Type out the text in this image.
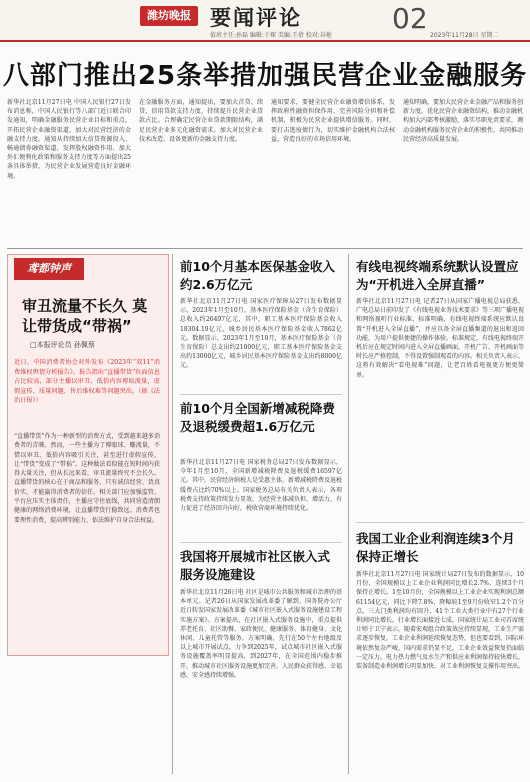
潍坊晚报 要闻评论	02
值班主任:孙磊 编辑:于琛 美编:王蓓 校对:谷艳	2023年11月28日 星期二
八部门推出25条举措加强民营企业金融服务
新华社北京11月27日电 中国人民银行27日发布消息称，中国人民银行等八部门近日联合印发通知，明确金融服务民营企业目标和重点，开拓民营企业融资渠道，加大对民营经济的金融支持力度。通知从持续加大信贷资源投入、畅通债券融资渠道、发挥股权融资作用、加大外汇便利化政策和服务支持力度等方面提出25条具体举措，为民营企业发展营造良好金融环境。
在金融服务方面，通知提出，要加大首贷、续贷、信用贷款支持力度，持续提升民营企业贷款占比。合理确定民营企业贷款期限结构，满足民营企业多元化融资需求。加大对民营企业技术改造、设备更新的金融支持力度。
通知要求，要健全民营企业融资增信体系，发挥政府性融资担保作用，完善风险分担和补偿机制，积极为民营企业提供增信服务。同时，要打击逃废债行为，切实维护金融机构合法权益，营造良好的市场信用环境。
通知明确，要加大民营企业金融产品和服务创新力度，优化民营企业融资结构，推动金融机构加大内部考核激励，落实尽职免责要求，调动金融机构服务民营企业的积极性，共同推动民营经济高质量发展。
鸢都钟声
审丑流量不长久 莫让带货成“带祸”
□本报评论员 孙佩蔡
近日，中国消费者协会对外发布《2023年“双11”消费维权舆情分析报告》，报告指出“直播带货”负面信息占比较高，部分主播以审丑、低俗内容博取流量，虚假宣传、质量问题、售后维权难等问题突出。（据《法治日报》）
“直播带货”作为一种新型的消费方式，受到越来越多消费者的青睐。然而，一些主播为了博眼球、赚流量，不惜以审丑、低俗内容吸引关注，甚至进行虚假宣传，让“带货”变成了“带祸”。这种做法看似能在短时间内获得大量关注，但从长远来看，审丑流量终究不会长久。直播带货的核心在于商品和服务，只有诚信经营、货真价实，才能赢得消费者的信任。相关部门应加强监管，平台应压实主体责任，主播应守住底线，共同营造清朗健康的网络消费环境，让直播带货行稳致远。消费者也要理性消费，提高辨别能力，依法维护自身合法权益。
前10个月基本医保基金收入约2.6万亿元
新华社北京11月27日电 国家医疗保障局27日发布数据显示，2023年1月至10月，基本医疗保险基金（含生育保险）总收入约26497亿元，其中，职工基本医疗保险基金收入18304.19亿元，城乡居民基本医疗保险基金收入7862亿元。数据显示，2023年1月至10月，基本医疗保险基金（含生育保险）总支出约21000亿元，职工基本医疗保险基金支出约13000亿元，城乡居民基本医疗保险基金支出约8000亿元。
前10个月全国新增减税降费及退税缓费超1.6万亿元
新华社北京11月27日电 国家税务总局27日发布数据显示，今年1月至10月，全国新增减税降费及退税缓费16597亿元。其中，民营经济纳税人是受惠主体，新增减税降费及退税缓费占比约70%以上。国家税务总局有关负责人表示，各项税费支持政策持续发力显效，为经营主体减负担、增活力，有力促进了经济回升向好，税收营商环境持续优化。
我国将开展城市社区嵌入式服务设施建设
新华社北京11月26日电 社区是城市公共服务和城市治理的基本单元。记者26日从国家发展改革委了解到，国务院办公厅近日转发国家发展改革委《城市社区嵌入式服务设施建设工程实施方案》。方案提出，在社区嵌入式服务设施中，重点提供养老托育、社区助餐、家政便民、健康服务、体育健身、文化休闲、儿童托管等服务。方案明确，先行在50个左右地级及以上城市开展试点，力争到2025年，试点城市社区嵌入式服务设施覆盖率明显提高，到2027年，在全国范围内稳步推开，推动城市社区服务设施更加完善，人民群众获得感、幸福感、安全感持续增强。
有线电视终端系统默认设置应为“开机进入全屏直播”
新华社北京11月27日电 记者27日从国家广播电视总局获悉，广电总局日前印发了《有线电视业务技术要求》等三项广播电视和网络视听行业标准，标准明确，有线电视终端系统应默认设置“开机进入全屏直播”，并应具备全屏直播频道的退出和返回功能，为用户提供便捷的操作体验。标准规定，有线电视终端开机后应在规定时间内进入全屏直播画面，开机广告、开机画面等时长应严格控制，不得设置强制观看的内容。相关负责人表示，这将有效解决“看电视难”问题，让老百姓看电视更方便更简单。
我国工业企业利润连续3个月保持正增长
新华社北京11月27日电 国家统计局27日发布的数据显示，10月份，全国规模以上工业企业利润同比增长2.7%，连续3个月保持正增长。1至10月份，全国规模以上工业企业实现利润总额61154亿元，同比下降7.8%，降幅较1至9月份收窄1.2个百分点。三大门类利润均有回升，41个工业大类行业中有27个行业利润同比增长，行业增长面接近七成。国家统计局工业司首席统计师于卫宁表示，随着宏观组合政策效应持续显现，工业生产需求逐步恢复，工业企业利润延续恢复态势，但也要看到，国际环境依然复杂严峻，国内需求仍显不足，工业企业效益恢复仍面临一定压力。电力热力燃气及水生产和供应业利润保持较快增长，装备制造业利润增长明显加快，对工业利润恢复支撑作用突出。
